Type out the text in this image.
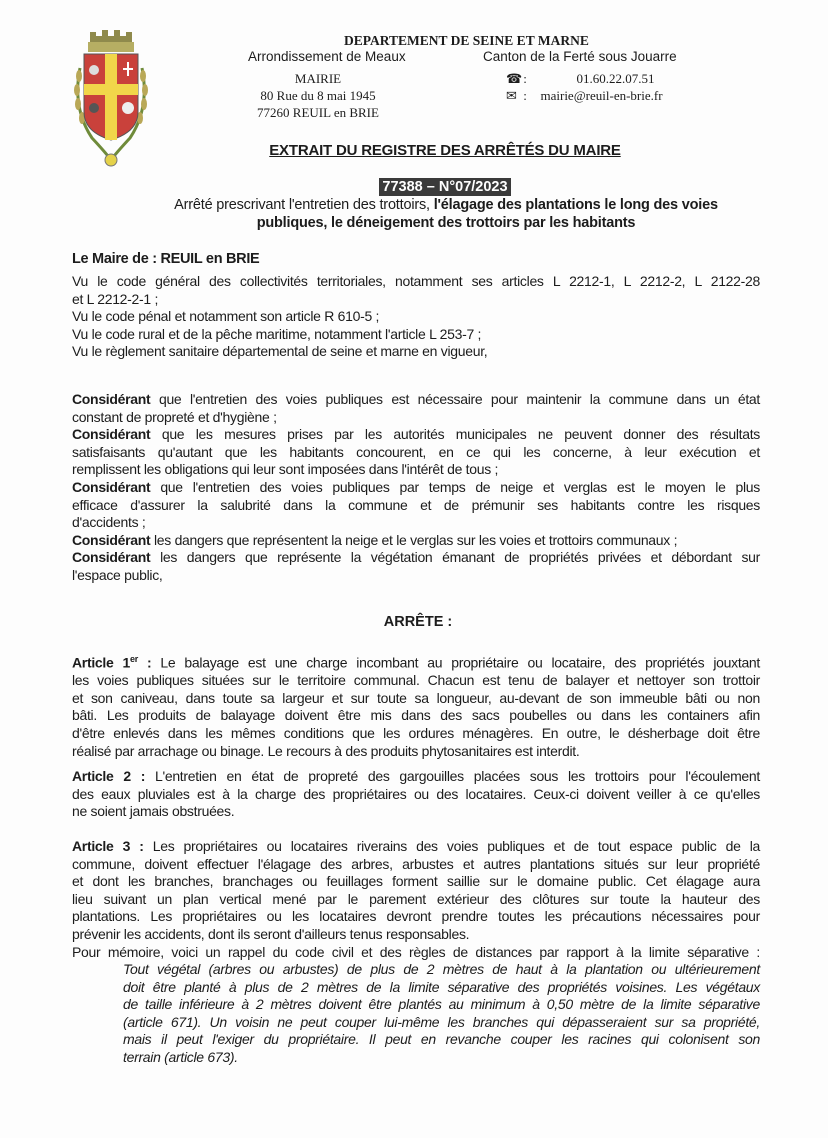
DEPARTEMENT DE SEINE ET MARNE
Arrondissement de Meaux	Canton de la Ferté sous Jouarre
MAIRIE
80 Rue du 8 mai 1945
77260 REUIL en BRIE
☎ :	01.60.22.07.51
✉ : mairie@reuil-en-brie.fr
EXTRAIT DU REGISTRE DES ARRÊTÉS DU MAIRE
77388 – N°07/2023
Arrêté prescrivant l'entretien des trottoirs, l'élagage des plantations le long des voies
publiques, le déneigement des trottoirs par les habitants
Le Maire de : REUIL en BRIE
Vu le code général des collectivités territoriales, notamment ses articles L 2212-1, L 2212-2, L 2122-28
et L 2212-2-1 ;
Vu le code pénal et notamment son article R 610-5 ;
Vu le code rural et de la pêche maritime, notamment l'article L 253-7 ;
Vu le règlement sanitaire départemental de seine et marne en vigueur,
Considérant que l'entretien des voies publiques est nécessaire pour maintenir la commune dans un état
constant de propreté et d'hygiène ;
Considérant que les mesures prises par les autorités municipales ne peuvent donner des résultats
satisfaisants qu'autant que les habitants concourent, en ce qui les concerne, à leur exécution et
remplissent les obligations qui leur sont imposées dans l'intérêt de tous ;
Considérant que l'entretien des voies publiques par temps de neige et verglas est le moyen le plus
efficace d'assurer la salubrité dans la commune et de prémunir ses habitants contre les risques
d'accidents ;
Considérant les dangers que représentent la neige et le verglas sur les voies et trottoirs communaux ;
Considérant les dangers que représente la végétation émanant de propriétés privées et débordant sur
l'espace public,
ARRÊTE :
Article 1er : Le balayage est une charge incombant au propriétaire ou locataire, des propriétés jouxtant
les voies publiques situées sur le territoire communal. Chacun est tenu de balayer et nettoyer son trottoir
et son caniveau, dans toute sa largeur et sur toute sa longueur, au-devant de son immeuble bâti ou non
bâti. Les produits de balayage doivent être mis dans des sacs poubelles ou dans les containers afin
d'être enlevés dans les mêmes conditions que les ordures ménagères. En outre, le désherbage doit être
réalisé par arrachage ou binage. Le recours à des produits phytosanitaires est interdit.
Article 2 : L'entretien en état de propreté des gargouilles placées sous les trottoirs pour l'écoulement
des eaux pluviales est à la charge des propriétaires ou des locataires. Ceux-ci doivent veiller à ce qu'elles
ne soient jamais obstruées.
Article 3 : Les propriétaires ou locataires riverains des voies publiques et de tout espace public de la
commune, doivent effectuer l'élagage des arbres, arbustes et autres plantations situés sur leur propriété
et dont les branches, branchages ou feuillages forment saillie sur le domaine public. Cet élagage aura
lieu suivant un plan vertical mené par le parement extérieur des clôtures sur toute la hauteur des
plantations. Les propriétaires ou les locataires devront prendre toutes les précautions nécessaires pour
prévenir les accidents, dont ils seront d'ailleurs tenus responsables.
Pour mémoire, voici un rappel du code civil et des règles de distances par rapport à la limite séparative :
Tout végétal (arbres ou arbustes) de plus de 2 mètres de haut à la plantation ou ultérieurement
doit être planté à plus de 2 mètres de la limite séparative des propriétés voisines. Les végétaux
de taille inférieure à 2 mètres doivent être plantés au minimum à 0,50 mètre de la limite séparative
(article 671). Un voisin ne peut couper lui-même les branches qui dépasseraient sur sa propriété,
mais il peut l'exiger du propriétaire. Il peut en revanche couper les racines qui colonisent son
terrain (article 673).
